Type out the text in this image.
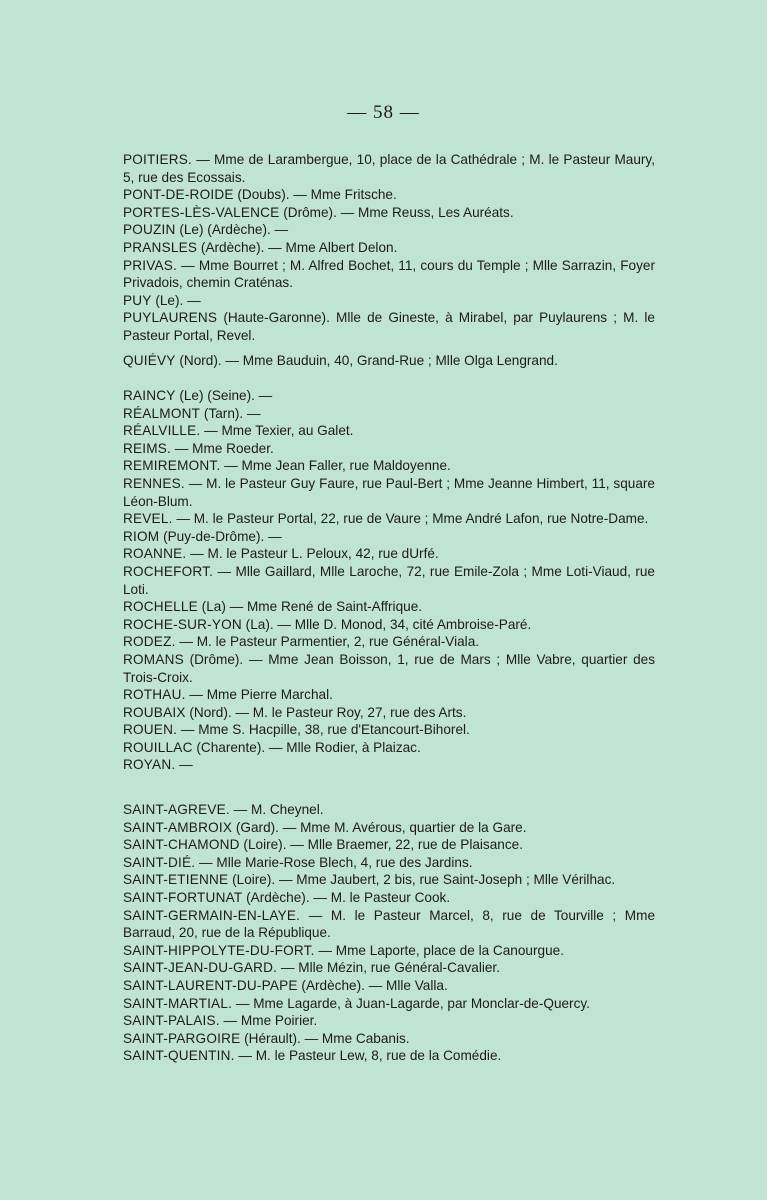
— 58 —
POITIERS. — Mme de Larambergue, 10, place de la Cathédrale ; M. le Pasteur Maury, 5, rue des Ecossais.
PONT-DE-ROIDE (Doubs). — Mme Fritsche.
PORTES-LÈS-VALENCE (Drôme). — Mme Reuss, Les Auréats.
POUZIN (Le) (Ardèche). —
PRANSLES (Ardèche). — Mme Albert Delon.
PRIVAS. — Mme Bourret ; M. Alfred Bochet, 11, cours du Temple ; Mlle Sarrazin, Foyer Privadois, chemin Craténas.
PUY (Le). —
PUYLAURENS (Haute-Garonne). Mlle de Gineste, à Mirabel, par Puylaurens ; M. le Pasteur Portal, Revel.
QUIÉVY (Nord). — Mme Bauduin, 40, Grand-Rue ; Mlle Olga Lengrand.
RAINCY (Le) (Seine). —
RÉALMONT (Tarn). —
RÉALVILLE. — Mme Texier, au Galet.
REIMS. — Mme Roeder.
REMIREMONT. — Mme Jean Faller, rue Maldoyenne.
RENNES. — M. le Pasteur Guy Faure, rue Paul-Bert ; Mme Jeanne Himbert, 11, square Léon-Blum.
REVEL. — M. le Pasteur Portal, 22, rue de Vaure ; Mme André Lafon, rue Notre-Dame.
RIOM (Puy-de-Drôme). —
ROANNE. — M. le Pasteur L. Peloux, 42, rue dUrfé.
ROCHEFORT. — Mlle Gaillard, Mlle Laroche, 72, rue Emile-Zola ; Mme Loti-Viaud, rue Loti.
ROCHELLE (La) — Mme René de Saint-Affrique.
ROCHE-SUR-YON (La). — Mlle D. Monod, 34, cité Ambroise-Paré.
RODEZ. — M. le Pasteur Parmentier, 2, rue Général-Viala.
ROMANS (Drôme). — Mme Jean Boisson, 1, rue de Mars ; Mlle Vabre, quartier des Trois-Croix.
ROTHAU. — Mme Pierre Marchal.
ROUBAIX (Nord). — M. le Pasteur Roy, 27, rue des Arts.
ROUEN. — Mme S. Hacpille, 38, rue d'Etancourt-Bihorel.
ROUILLAC (Charente). — Mlle Rodier, à Plaizac.
ROYAN. —
SAINT-AGREVE. — M. Cheynel.
SAINT-AMBROIX (Gard). — Mme M. Avérous, quartier de la Gare.
SAINT-CHAMOND (Loire). — Mlle Braemer, 22, rue de Plaisance.
SAINT-DIÉ. — Mlle Marie-Rose Blech, 4, rue des Jardins.
SAINT-ETIENNE (Loire). — Mme Jaubert, 2 bis, rue Saint-Joseph ; Mlle Vérilhac.
SAINT-FORTUNAT (Ardèche). — M. le Pasteur Cook.
SAINT-GERMAIN-EN-LAYE. — M. le Pasteur Marcel, 8, rue de Tourville ; Mme Barraud, 20, rue de la République.
SAINT-HIPPOLYTE-DU-FORT. — Mme Laporte, place de la Canourgue.
SAINT-JEAN-DU-GARD. — Mlle Mézin, rue Général-Cavalier.
SAINT-LAURENT-DU-PAPE (Ardèche). — Mlle Valla.
SAINT-MARTIAL. — Mme Lagarde, à Juan-Lagarde, par Monclar-de-Quercy.
SAINT-PALAIS. — Mme Poirier.
SAINT-PARGOIRE (Hérault). — Mme Cabanis.
SAINT-QUENTIN. — M. le Pasteur Lew, 8, rue de la Comédie.
